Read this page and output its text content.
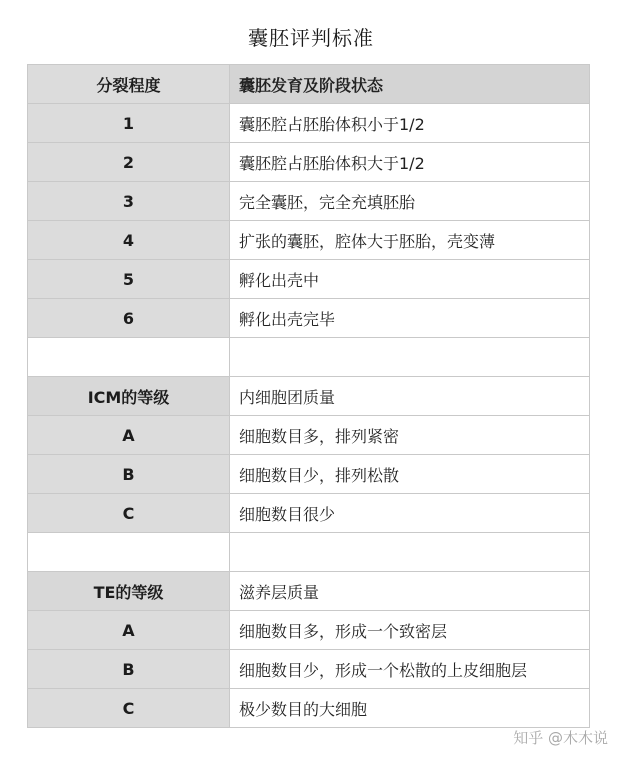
囊胚评判标准
分裂程度	囊胚发育及阶段状态
1	囊胚腔占胚胎体积小于1/2
2	囊胚腔占胚胎体积大于1/2
3	完全囊胚，完全充填胚胎
4	扩张的囊胚，腔体大于胚胎，壳变薄
5	孵化出壳中
6	孵化出壳完毕

ICM的等级	内细胞团质量
A	细胞数目多，排列紧密
B	细胞数目少，排列松散
C	细胞数目很少

TE的等级	滋养层质量
A	细胞数目多，形成一个致密层
B	细胞数目少，形成一个松散的上皮细胞层
C	极少数目的大细胞
知乎 @木木说
